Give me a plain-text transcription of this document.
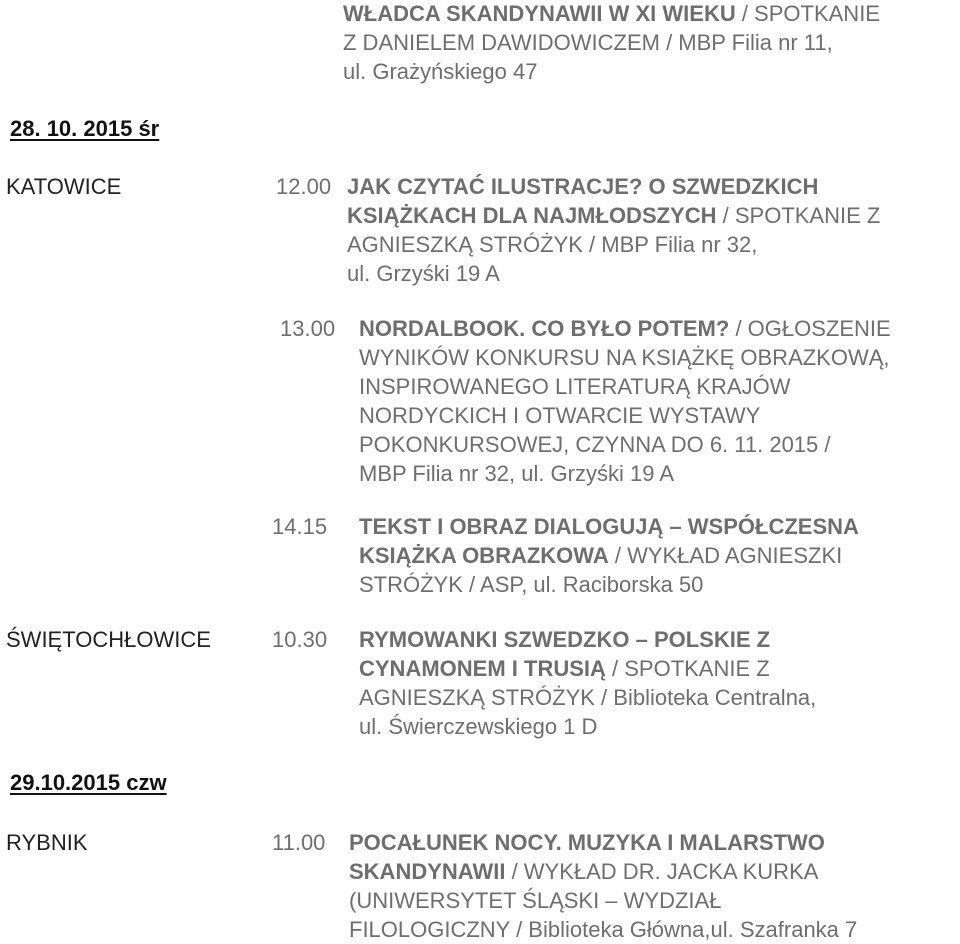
28. 10. 2015 śr
29.10.2015 czw
KATOWICE
ŚWIĘTOCHŁOWICE
RYBNIK
12.00
13.00
14.15
10.30
11.00
WŁADCA SKANDYNAWII W XI WIEKU / SPOTKANIE
Z DANIELEM DAWIDOWICZEM / MBP Filia nr 11,
ul. Grażyńskiego 47
JAK CZYTAĆ ILUSTRACJE? O SZWEDZKICH
KSIĄŻKACH DLA NAJMŁODSZYCH / SPOTKANIE Z
AGNIESZKĄ STRÓŻYK / MBP Filia nr 32,
ul. Grzyśki 19 A
NORDALBOOK. CO BYŁO POTEM? / OGŁOSZENIE
WYNIKÓW KONKURSU NA KSIĄŻKĘ OBRAZKOWĄ,
INSPIROWANEGO LITERATURĄ KRAJÓW
NORDYCKICH I OTWARCIE WYSTAWY
POKONKURSOWEJ, CZYNNA DO 6. 11. 2015 /
MBP Filia nr 32, ul. Grzyśki 19 A
TEKST I OBRAZ DIALOGUJĄ – WSPÓŁCZESNA
KSIĄŻKA OBRAZKOWA / WYKŁAD AGNIESZKI
STRÓŻYK / ASP, ul. Raciborska 50
RYMOWANKI SZWEDZKO – POLSKIE Z
CYNAMONEM I TRUSIĄ / SPOTKANIE Z
AGNIESZKĄ STRÓŻYK / Biblioteka Centralna,
ul. Świerczewskiego 1 D
POCAŁUNEK NOCY. MUZYKA I MALARSTWO
SKANDYNAWII / WYKŁAD DR. JACKA KURKA
(UNIWERSYTET ŚLĄSKI – WYDZIAŁ
FILOLOGICZNY / Biblioteka Główna,ul. Szafranka 7
